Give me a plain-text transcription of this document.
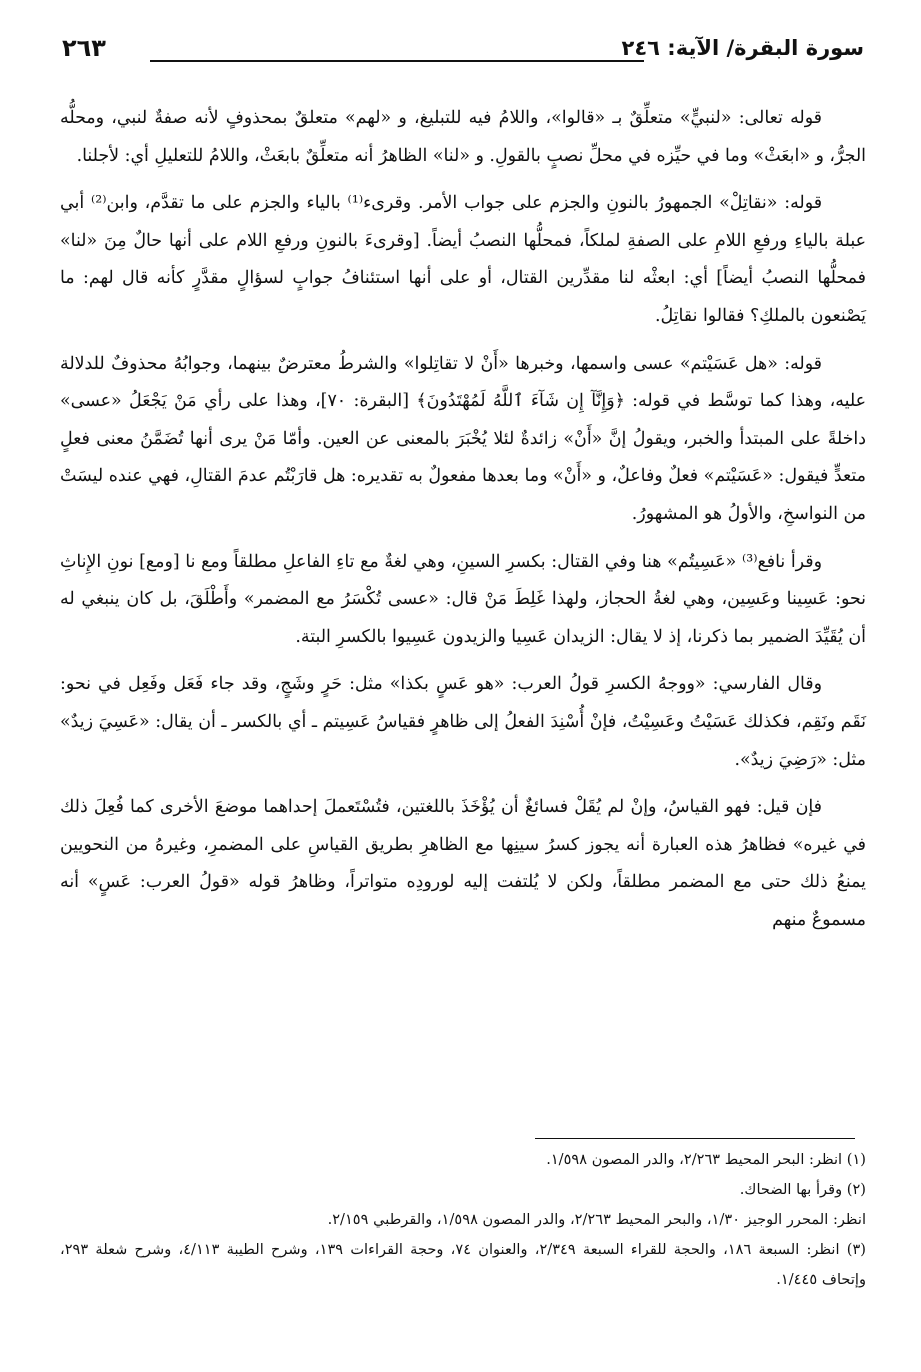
سورة البقرة/ الآية: ٢٤٦
٢٦٣

قوله تعالى: «لنبيٍّ» متعلِّقٌ بـ «قالوا»، واللامُ فيه للتبليغ، و «لهم» متعلقٌ بمحذوفٍ لأنه صفةٌ لنبي، ومحلُّه الجرُّ، و «ابعَثْ» وما في حيِّزه في محلِّ نصبٍ بالقولِ. و «لنا» الظاهرُ أنه متعلِّقٌ بابعَثْ، واللامُ للتعليلِ أي: لأجلنا.

قوله: «نقاتِلْ» الجمهورُ بالنونِ والجزم على جواب الأمر. وقرىء⁽¹⁾ بالياء والجزم على ما تقدَّم، وابن⁽²⁾ أبي عبلة بالياءِ ورفعِ اللامِ على الصفةِ لملكاً، فمحلُّها النصبُ أيضاً. [وقرىءَ بالنونِ ورفعِ اللام على أنها حالٌ مِنَ «لنا» فمحلُّها النصبُ أيضاً] أي: ابعثْه لنا مقدِّرين القتال، أو على أنها استئنافُ جوابٍ لسؤالٍ مقدَّرٍ كأنه قال لهم: ما يَصْنعون بالملكِ؟ فقالوا نقاتِلُ.

قوله: «هل عَسَيْتم» عسى واسمها، وخبرها «أَنْ لا تقاتِلوا» والشرطُ معترضٌ بينهما، وجوابُهُ محذوفٌ للدلالة عليه، وهذا كما توسَّط في قوله: ﴿وَإِنَّآ إِن شَآءَ ٱللَّهُ لَمُهْتَدُونَ﴾ [البقرة: ٧٠]، وهذا على رأي مَنْ يَجْعَلُ «عسى» داخلةً على المبتدأ والخبر، ويقولُ إنَّ «أَنْ» زائدةٌ لئلا يُخْبَرَ بالمعنى عن العين. وأمّا مَنْ يرى أنها تُضَمَّنُ معنى فعلٍ متعدٍّ فيقول: «عَسَيْتم» فعلٌ وفاعلٌ، و «أَنْ» وما بعدها مفعولٌ به تقديره: هل قارَبْتُم عدمَ القتالِ، فهي عنده ليسَتْ من النواسخِ، والأولُ هو المشهورُ.

وقرأ نافع⁽³⁾ «عَسِيتُم» هنا وفي القتال: بكسرِ السينِ، وهي لغةٌ مع تاءِ الفاعلِ مطلقاً ومع نا [ومع] نونِ الإِناثِ نحو: عَسِينا وعَسِين، وهي لغةُ الحجاز، ولهذا غَلِطَ مَنْ قال: «عسى تُكْسَرُ مع المضمر» وأَطْلَقَ، بل كان ينبغي له أن يُقَيِّدَ الضمير بما ذكرنا، إذ لا يقال: الزيدان عَسِيا والزيدون عَسِيوا بالكسرِ البتة.

وقال الفارسي: «ووجهُ الكسرِ قولُ العرب: «هو عَسٍ بكذا» مثل: حَرٍ وشَجٍ، وقد جاء فَعَل وفَعِل في نحو: نَقَم ونَقِم، فكذلك عَسَيْتُ وعَسِيْتُ، فإنْ أُسْنِدَ الفعلُ إلى ظاهرٍ فقياسُ عَسِيتم ـ أي بالكسر ـ أن يقال: «عَسِيَ زيدٌ» مثل: «رَضِيَ زيدٌ».

فإن قيل: فهو القياسُ، وإنْ لم يُقَلْ فسائغٌ أن يُؤْخَذَ باللغتين، فتُسْتَعملَ إحداهما موضعَ الأخرى كما فُعِلَ ذلك في غيره» فظاهرُ هذه العبارة أنه يجوز كسرُ سينِها مع الظاهرِ بطريق القياسِ على المضمرِ، وغيرهُ من النحويين يمنعُ ذلك حتى مع المضمر مطلقاً، ولكن لا يُلتفت إليه لورودِه متواتراً، وظاهرُ قوله «قولُ العرب: عَسٍ» أنه مسموعٌ منهم

(١) انظر: البحر المحيط ٢/٢٦٣، والدر المصون ١/٥٩٨.

(٢) وقرأ بها الضحاك.

انظر: المحرر الوجيز ١/٣٠، والبحر المحيط ٢/٢٦٣، والدر المصون ١/٥٩٨، والقرطبي ٢/١٥٩.

(٣) انظر: السبعة ١٨٦، والحجة للقراء السبعة ٢/٣٤٩، والعنوان ٧٤، وحجة القراءات ١٣٩، وشرح الطيبة ٤/١١٣، وشرح شعلة ٢٩٣، وإتحاف ١/٤٤٥.
